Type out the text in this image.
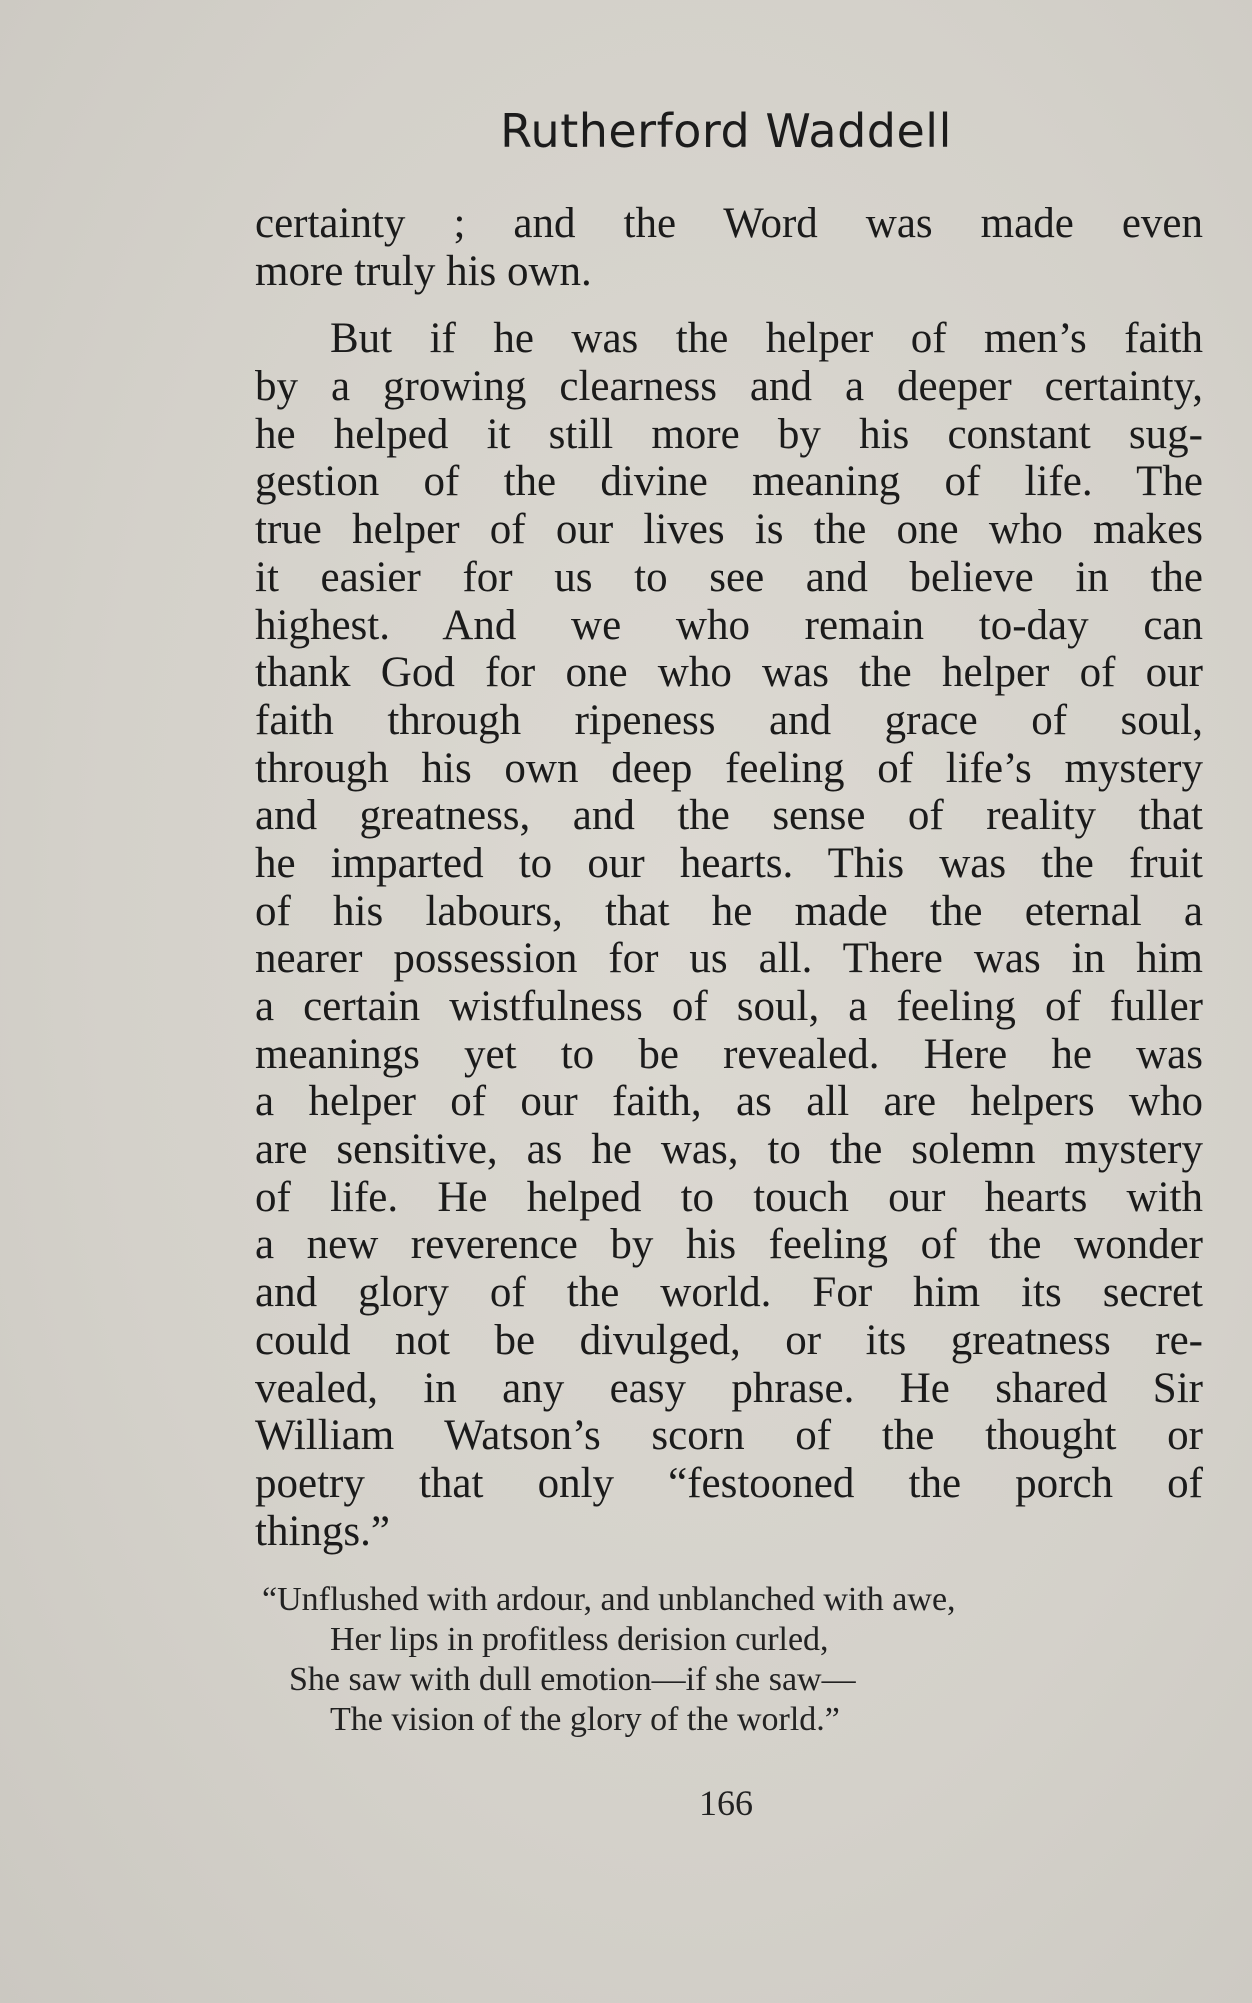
Rutherford Waddell
certainty ; and the Word was made even
more truly his own.
But if he was the helper of men’s faith
by a growing clearness and a deeper certainty,
he helped it still more by his constant sug-
gestion of the divine meaning of life. The
true helper of our lives is the one who makes
it easier for us to see and believe in the
highest. And we who remain to-day can
thank God for one who was the helper of our
faith through ripeness and grace of soul,
through his own deep feeling of life’s mystery
and greatness, and the sense of reality that
he imparted to our hearts. This was the fruit
of his labours, that he made the eternal a
nearer possession for us all. There was in him
a certain wistfulness of soul, a feeling of fuller
meanings yet to be revealed. Here he was
a helper of our faith, as all are helpers who
are sensitive, as he was, to the solemn mystery
of life. He helped to touch our hearts with
a new reverence by his feeling of the wonder
and glory of the world. For him its secret
could not be divulged, or its greatness re-
vealed, in any easy phrase. He shared Sir
William Watson’s scorn of the thought or
poetry that only “festooned the porch of
things.”
“Unflushed with ardour, and unblanched with awe,
Her lips in profitless derision curled,
She saw with dull emotion—if she saw—
The vision of the glory of the world.”
166
